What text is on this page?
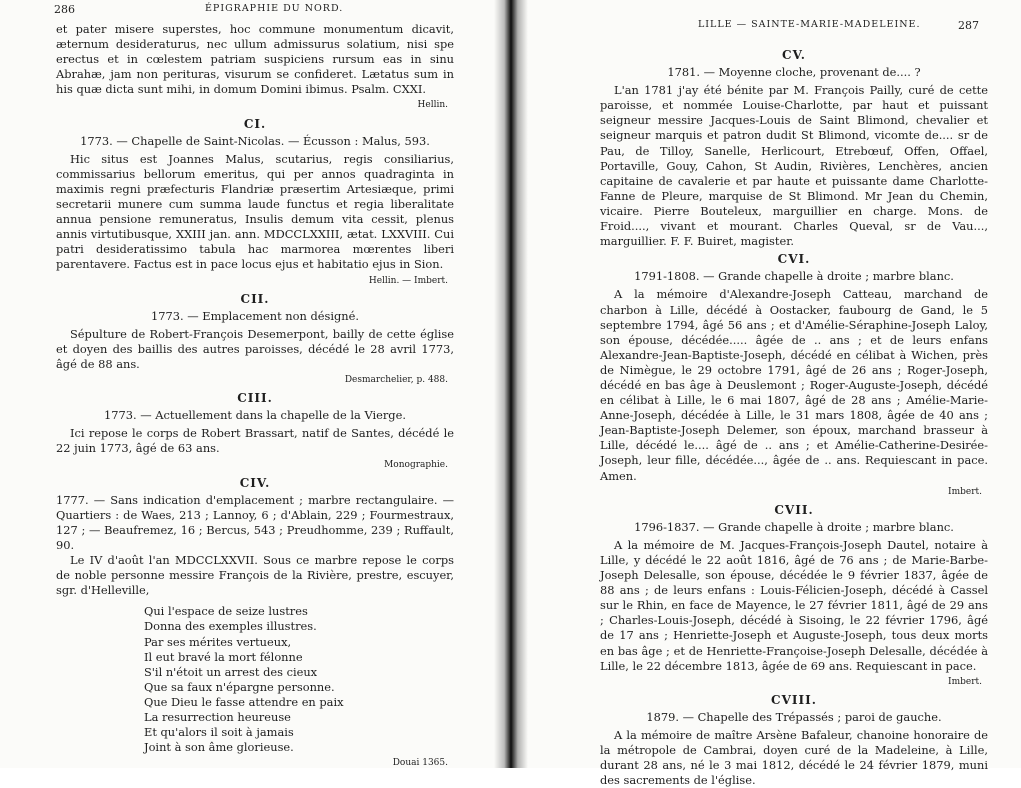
286	ÉPIGRAPHIE DU NORD.

et pater misere superstes, hoc commune monumentum dicavit, æternum desideraturus, nec ullum admissurus solatium, nisi spe erectus et in cœlestem patriam suspiciens rursum eas in sinu Abrahæ, jam non perituras, visurum se confideret. Lætatus sum in his quæ dicta sunt mihi, in domum Domini ibimus. Psalm. CXXI.

Hellin.
CI.
1773. — Chapelle de Saint-Nicolas. — Écusson : Malus, 593.

Hic situs est Joannes Malus, scutarius, regis consiliarius, commissarius bellorum emeritus, qui per annos quadraginta in maximis regni præfecturis Flandriæ præsertim Artesiæque, primi secretarii munere cum summa laude functus et regia liberalitate annua pensione remuneratus, Insulis demum vita cessit, plenus annis virtutibusque, XXIII jan. ann. MDCCLXXIII, ætat. LXXVIII. Cui patri desideratissimo tabula hac marmorea mœrentes liberi parentavere. Factus est in pace locus ejus et habitatio ejus in Sion.

Hellin. — Imbert.
CII.
1773. — Emplacement non désigné.

Sépulture de Robert-François Desemerpont, bailly de cette église et doyen des baillis des autres paroisses, décédé le 28 avril 1773, âgé de 88 ans.

Desmarchelier, p. 488.
CIII.
1773. — Actuellement dans la chapelle de la Vierge.

Ici repose le corps de Robert Brassart, natif de Santes, décédé le 22 juin 1773, âgé de 63 ans.

Monographie.
CIV.

1777. — Sans indication d'emplacement ; marbre rectangulaire. — Quartiers : de Waes, 213 ; Lannoy, 6 ; d'Ablain, 229 ; Fourmestraux, 127 ; — Beaufremez, 16 ; Bercus, 543 ; Preudhomme, 239 ; Ruffault, 90.

Le IV d'août l'an MDCCLXXVII. Sous ce marbre repose le corps de noble personne messire François de la Rivière, prestre, escuyer, sgr. d'Helleville,

Qui l'espace de seize lustres
Donna des exemples illustres.
Par ses mérites vertueux,
Il eut bravé la mort félonne
S'il n'étoit un arrest des cieux
Que sa faux n'épargne personne.
Que Dieu le fasse attendre en paix
La resurrection heureuse
Et qu'alors il soit à jamais
Joint à son âme glorieuse.
Douai 1365.
LILLE — SAINTE-MARIE-MADELEINE.	287
CV.
1781. — Moyenne cloche, provenant de.... ?

L'an 1781 j'ay été bénite par M. François Pailly, curé de cette paroisse, et nommée Louise-Charlotte, par haut et puissant seigneur messire Jacques-Louis de Saint Blimond, chevalier et seigneur marquis et patron dudit St Blimond, vicomte de.... sr de Pau, de Tilloy, Sanelle, Herlicourt, Etrebœuf, Offen, Offael, Portaville, Gouy, Cahon, St Audin, Rivières, Lenchères, ancien capitaine de cavalerie et par haute et puissante dame Charlotte-Fanne de Pleure, marquise de St Blimond. Mr Jean du Chemin, vicaire. Pierre Bouteleux, marguillier en charge. Mons. de Froid...., vivant et mourant. Charles Queval, sr de Vau..., marguillier. F. F. Buiret, magister.

CVI.
1791-1808. — Grande chapelle à droite ; marbre blanc.

A la mémoire d'Alexandre-Joseph Catteau, marchand de charbon à Lille, décédé à Oostacker, faubourg de Gand, le 5 septembre 1794, âgé 56 ans ; et d'Amélie-Séraphine-Joseph Laloy, son épouse, décédée..... âgée de .. ans ; et de leurs enfans Alexandre-Jean-Baptiste-Joseph, décédé en célibat à Wichen, près de Nimègue, le 29 octobre 1791, âgé de 26 ans ; Roger-Joseph, décédé en bas âge à Deuslemont ; Roger-Auguste-Joseph, décédé en célibat à Lille, le 6 mai 1807, âgé de 28 ans ; Amélie-Marie-Anne-Joseph, décédée à Lille, le 31 mars 1808, âgée de 40 ans ; Jean-Baptiste-Joseph Delemer, son époux, marchand brasseur à Lille, décédé le.... âgé de .. ans ; et Amélie-Catherine-Desirée-Joseph, leur fille, décédée..., âgée de .. ans. Requiescant in pace. Amen.

Imbert.
CVII.
1796-1837. — Grande chapelle à droite ; marbre blanc.

A la mémoire de M. Jacques-François-Joseph Dautel, notaire à Lille, y décédé le 22 août 1816, âgé de 76 ans ; de Marie-Barbe-Joseph Delesalle, son épouse, décédée le 9 février 1837, âgée de 88 ans ; de leurs enfans : Louis-Félicien-Joseph, décédé à Cassel sur le Rhin, en face de Mayence, le 27 février 1811, âgé de 29 ans ; Charles-Louis-Joseph, décédé à Sisoing, le 22 février 1796, âgé de 17 ans ; Henriette-Joseph et Auguste-Joseph, tous deux morts en bas âge ; et de Henriette-Françoise-Joseph Delesalle, décédée à Lille, le 22 décembre 1813, âgée de 69 ans. Requiescant in pace.

Imbert.
CVIII.
1879. — Chapelle des Trépassés ; paroi de gauche.

A la mémoire de maître Arsène Bafaleur, chanoine honoraire de la métropole de Cambrai, doyen curé de la Madeleine, à Lille, durant 28 ans, né le 3 mai 1812, décédé le 24 février 1879, muni des sacrements de l'église.
